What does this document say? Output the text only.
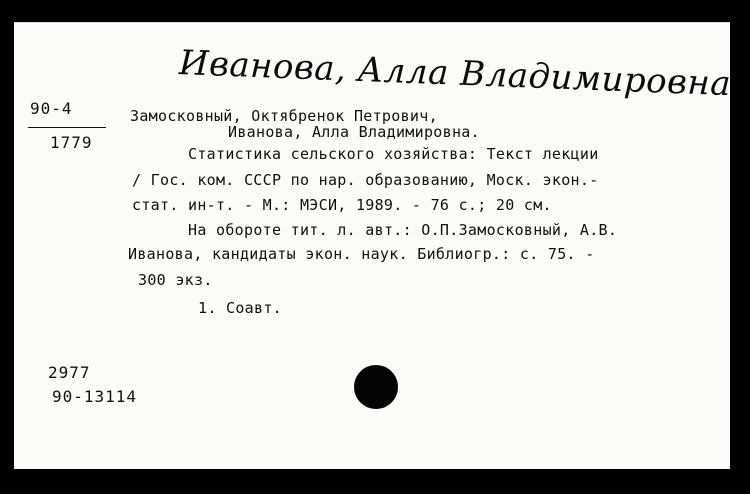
Иванова, Алла Владимировна
90-4
1779
Замосковный, Октябренок Петрович,
Иванова, Алла Владимировна.
Статистика сельского хозяйства: Текст лекции
/ Гос. ком. СССР по нар. образованию, Моск. экон.-
стат. ин-т. - М.: МЭСИ, 1989. - 76 с.; 20 см.
На обороте тит. л. авт.: О.П.Замосковный, А.В.
Иванова, кандидаты экон. наук. Библиогр.: с. 75. -
300 экз.
1. Соавт.
2977
90-13114
